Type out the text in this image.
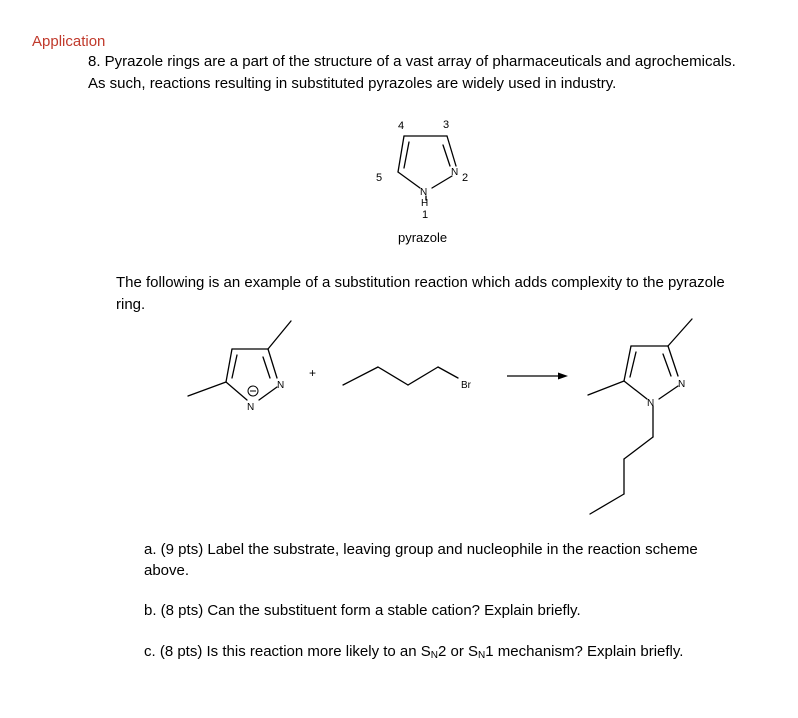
Application
8. Pyrazole rings are a part of the structure of a vast array of pharmaceuticals and agrochemicals.
As such, reactions resulting in substituted pyrazoles are widely used in industry.
N
N
H
1
2
3
4
5
pyrazole
The following is an example of a substitution reaction which adds complexity to the pyrazole
ring.
N
N
+
Br	N
N
a. (9 pts) Label the substrate, leaving group and nucleophile in the reaction scheme
above.
b. (8 pts) Can the substituent form a stable cation? Explain briefly.
c. (8 pts) Is this reaction more likely to an $S_N2$ or $S_N1$ mechanism? Explain briefly.
